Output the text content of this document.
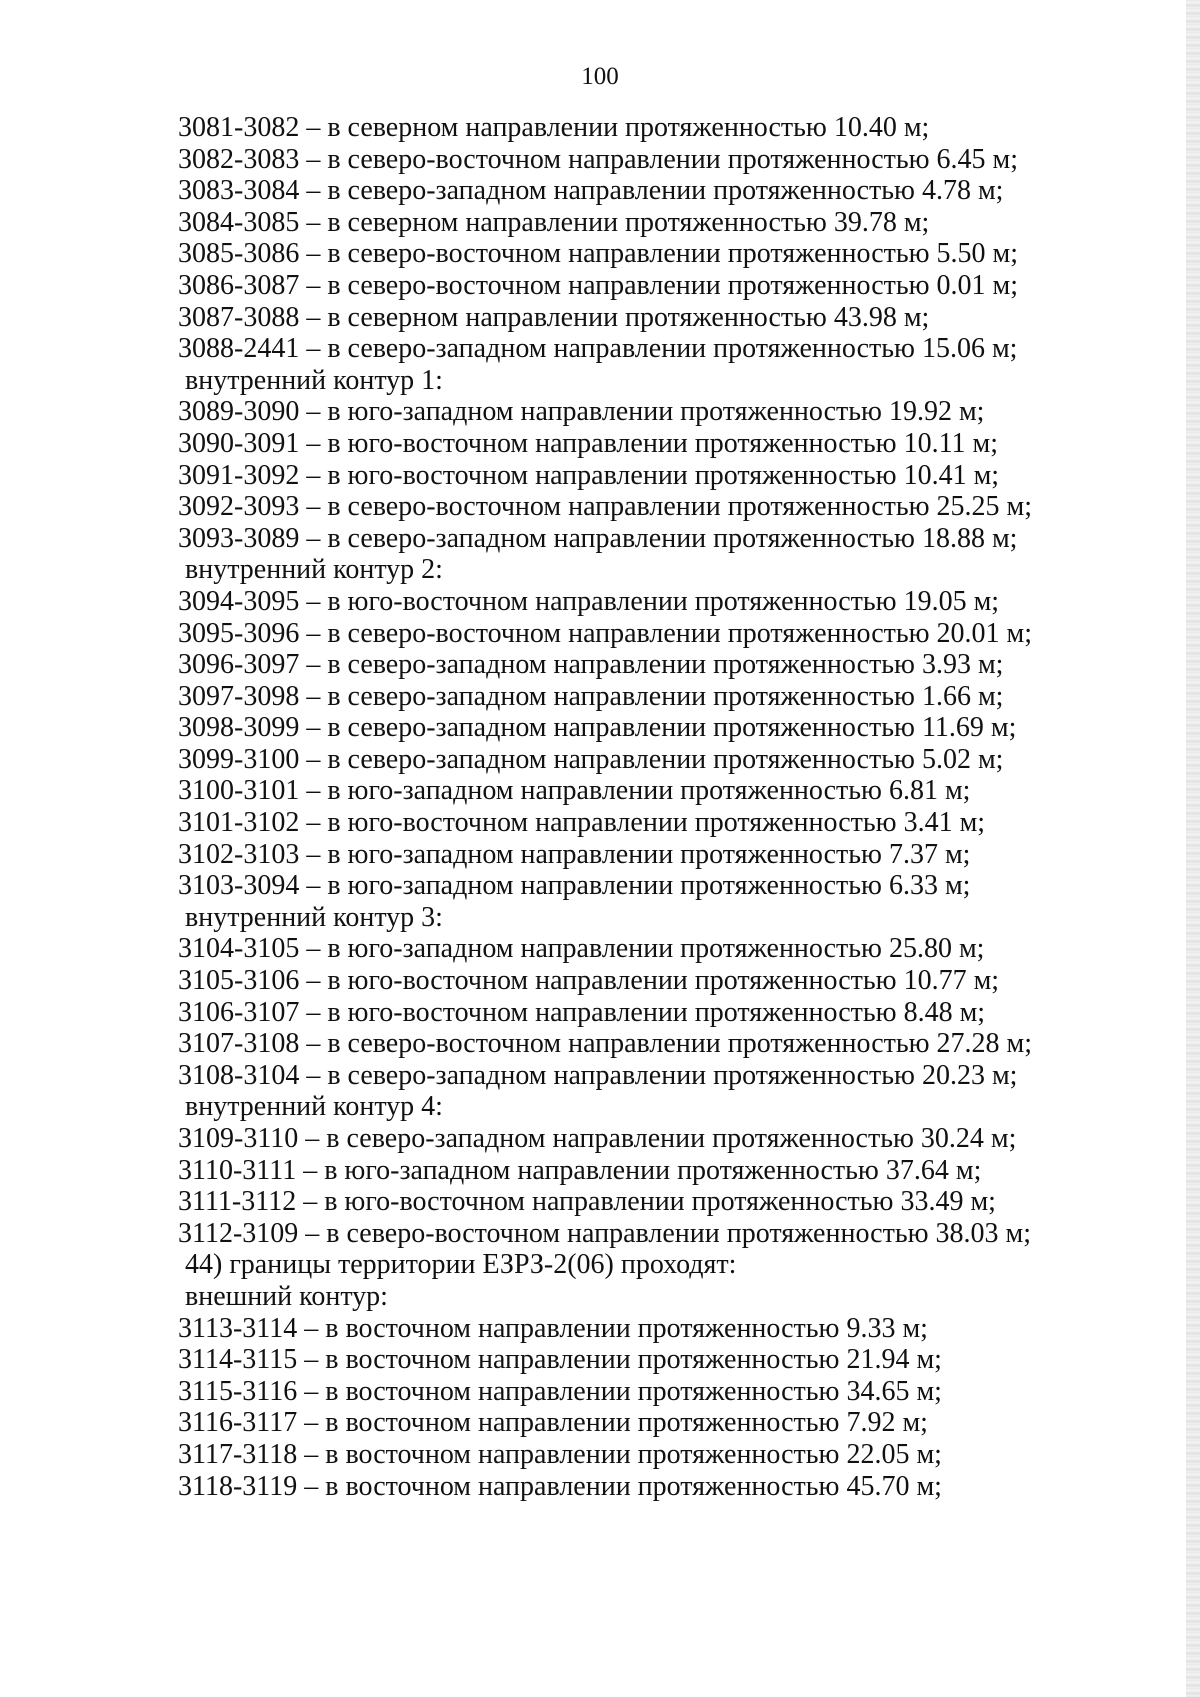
100
3081-3082 – в северном направлении протяженностью 10.40 м;
3082-3083 – в северо-восточном направлении протяженностью 6.45 м;
3083-3084 – в северо-западном направлении протяженностью 4.78 м;
3084-3085 – в северном направлении протяженностью 39.78 м;
3085-3086 – в северо-восточном направлении протяженностью 5.50 м;
3086-3087 – в северо-восточном направлении протяженностью 0.01 м;
3087-3088 – в северном направлении протяженностью 43.98 м;
3088-2441 – в северо-западном направлении протяженностью 15.06 м;
внутренний контур 1:
3089-3090 – в юго-западном направлении протяженностью 19.92 м;
3090-3091 – в юго-восточном направлении протяженностью 10.11 м;
3091-3092 – в юго-восточном направлении протяженностью 10.41 м;
3092-3093 – в северо-восточном направлении протяженностью 25.25 м;
3093-3089 – в северо-западном направлении протяженностью 18.88 м;
внутренний контур 2:
3094-3095 – в юго-восточном направлении протяженностью 19.05 м;
3095-3096 – в северо-восточном направлении протяженностью 20.01 м;
3096-3097 – в северо-западном направлении протяженностью 3.93 м;
3097-3098 – в северо-западном направлении протяженностью 1.66 м;
3098-3099 – в северо-западном направлении протяженностью 11.69 м;
3099-3100 – в северо-западном направлении протяженностью 5.02 м;
3100-3101 – в юго-западном направлении протяженностью 6.81 м;
3101-3102 – в юго-восточном направлении протяженностью 3.41 м;
3102-3103 – в юго-западном направлении протяженностью 7.37 м;
3103-3094 – в юго-западном направлении протяженностью 6.33 м;
внутренний контур 3:
3104-3105 – в юго-западном направлении протяженностью 25.80 м;
3105-3106 – в юго-восточном направлении протяженностью 10.77 м;
3106-3107 – в юго-восточном направлении протяженностью 8.48 м;
3107-3108 – в северо-восточном направлении протяженностью 27.28 м;
3108-3104 – в северо-западном направлении протяженностью 20.23 м;
внутренний контур 4:
3109-3110 – в северо-западном направлении протяженностью 30.24 м;
3110-3111 – в юго-западном направлении протяженностью 37.64 м;
3111-3112 – в юго-восточном направлении протяженностью 33.49 м;
3112-3109 – в северо-восточном направлении протяженностью 38.03 м;
44) границы территории ЕЗРЗ-2(06) проходят:
внешний контур:
3113-3114 – в восточном направлении протяженностью 9.33 м;
3114-3115 – в восточном направлении протяженностью 21.94 м;
3115-3116 – в восточном направлении протяженностью 34.65 м;
3116-3117 – в восточном направлении протяженностью 7.92 м;
3117-3118 – в восточном направлении протяженностью 22.05 м;
3118-3119 – в восточном направлении протяженностью 45.70 м;
